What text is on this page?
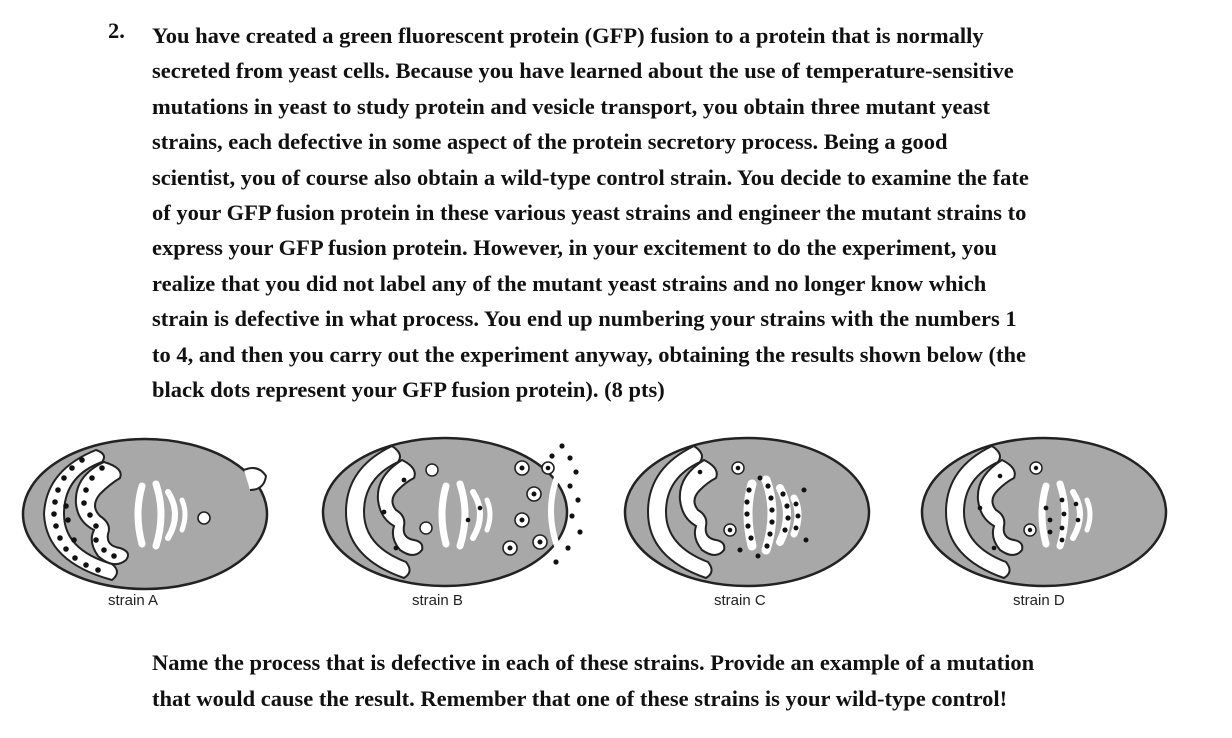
2. You have created a green fluorescent protein (GFP) fusion to a protein that is normally
secreted from yeast cells. Because you have learned about the use of temperature-sensitive
mutations in yeast to study protein and vesicle transport, you obtain three mutant yeast
strains, each defective in some aspect of the protein secretory process. Being a good
scientist, you of course also obtain a wild-type control strain. You decide to examine the fate
of your GFP fusion protein in these various yeast strains and engineer the mutant strains to
express your GFP fusion protein. However, in your excitement to do the experiment, you
realize that you did not label any of the mutant yeast strains and no longer know which
strain is defective in what process. You end up numbering your strains with the numbers 1
to 4, and then you carry out the experiment anyway, obtaining the results shown below (the
black dots represent your GFP fusion protein). (8 pts)
strain A	strain B	strain C	strain D
Name the process that is defective in each of these strains. Provide an example of a mutation
that would cause the result. Remember that one of these strains is your wild-type control!
